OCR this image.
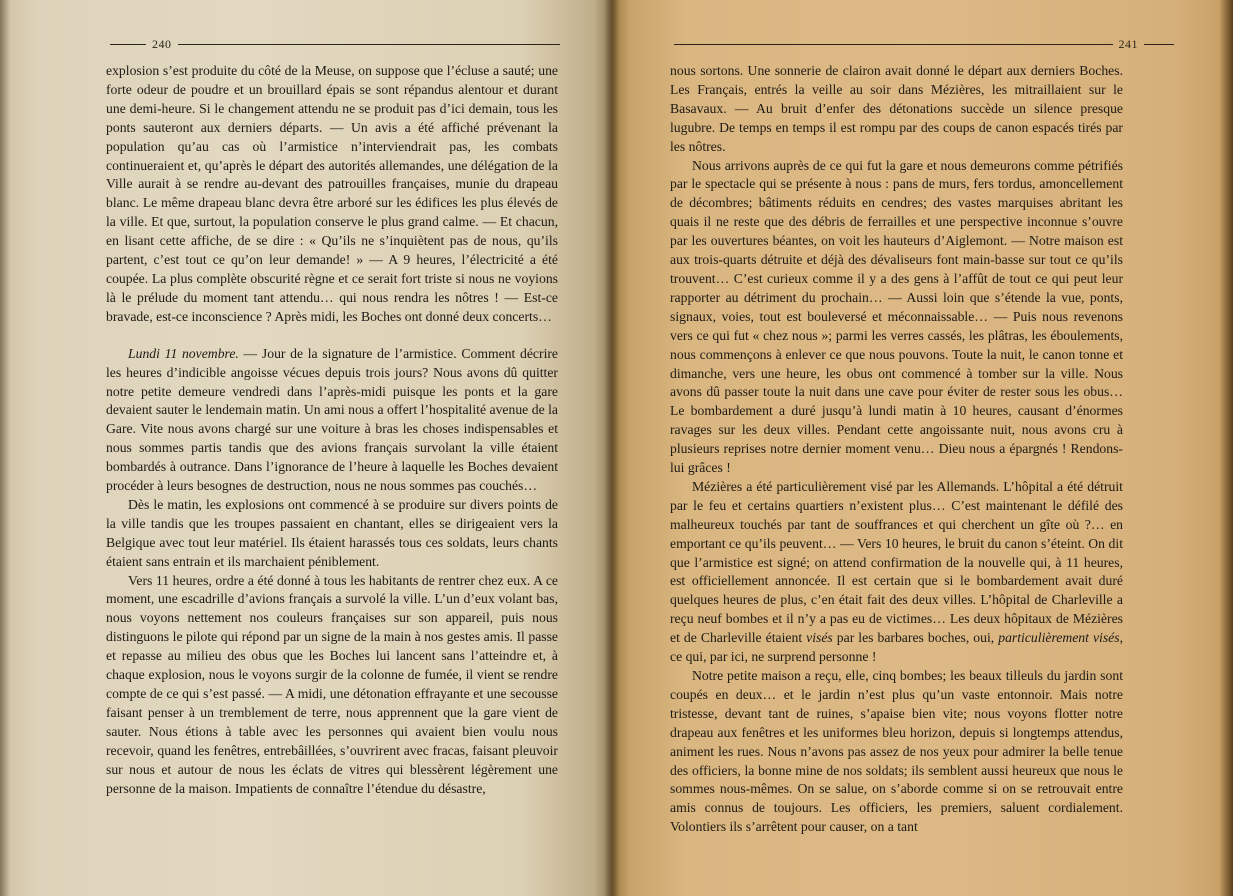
240

explosion s’est produite du côté de la Meuse, on suppose que l’écluse a sauté; une forte odeur de poudre et un brouillard épais se sont répandus alentour et durant une demi-heure. Si le changement attendu ne se produit pas d’ici demain, tous les ponts sauteront aux derniers départs. — Un avis a été affiché prévenant la population qu’au cas où l’armistice n’interviendrait pas, les combats continueraient et, qu’après le départ des autorités allemandes, une délégation de la Ville aurait à se rendre au-devant des patrouilles françaises, munie du drapeau blanc. Le même drapeau blanc devra être arboré sur les édifices les plus élevés de la ville. Et que, surtout, la population conserve le plus grand calme. — Et chacun, en lisant cette affiche, de se dire : « Qu’ils ne s’inquiètent pas de nous, qu’ils partent, c’est tout ce qu’on leur demande! » — A 9 heures, l’électricité a été coupée. La plus complète obscurité règne et ce serait fort triste si nous ne voyions là le prélude du moment tant attendu… qui nous rendra les nôtres ! — Est-ce bravade, est-ce inconscience ? Après midi, les Boches ont donné deux concerts…

Lundi 11 novembre. — Jour de la signature de l’armistice. Comment décrire les heures d’indicible angoisse vécues depuis trois jours? Nous avons dû quitter notre petite demeure vendredi dans l’après-midi puisque les ponts et la gare devaient sauter le lendemain matin. Un ami nous a offert l’hospitalité avenue de la Gare. Vite nous avons chargé sur une voiture à bras les choses indispensables et nous sommes partis tandis que des avions français survolant la ville étaient bombardés à outrance. Dans l’ignorance de l’heure à laquelle les Boches devaient procéder à leurs besognes de destruction, nous ne nous sommes pas couchés…

Dès le matin, les explosions ont commencé à se produire sur divers points de la ville tandis que les troupes passaient en chantant, elles se dirigeaient vers la Belgique avec tout leur matériel. Ils étaient harassés tous ces soldats, leurs chants étaient sans entrain et ils marchaient péniblement.

Vers 11 heures, ordre a été donné à tous les habitants de rentrer chez eux. A ce moment, une escadrille d’avions français a survolé la ville. L’un d’eux volant bas, nous voyons nettement nos couleurs françaises sur son appareil, puis nous distinguons le pilote qui répond par un signe de la main à nos gestes amis. Il passe et repasse au milieu des obus que les Boches lui lancent sans l’atteindre et, à chaque explosion, nous le voyons surgir de la colonne de fumée, il vient se rendre compte de ce qui s’est passé. — A midi, une détonation effrayante et une secousse faisant penser à un tremblement de terre, nous apprennent que la gare vient de sauter. Nous étions à table avec les personnes qui avaient bien voulu nous recevoir, quand les fenêtres, entrebâillées, s’ouvrirent avec fracas, faisant pleuvoir sur nous et autour de nous les éclats de vitres qui blessèrent légèrement une personne de la maison. Impatients de connaître l’étendue du désastre,

241

nous sortons. Une sonnerie de clairon avait donné le départ aux derniers Boches. Les Français, entrés la veille au soir dans Mézières, les mitraillaient sur le Basavaux. — Au bruit d’enfer des détonations succède un silence presque lugubre. De temps en temps il est rompu par des coups de canon espacés tirés par les nôtres.

Nous arrivons auprès de ce qui fut la gare et nous demeurons comme pétrifiés par le spectacle qui se présente à nous : pans de murs, fers tordus, amoncellement de décombres; bâtiments réduits en cendres; des vastes marquises abritant les quais il ne reste que des débris de ferrailles et une perspective inconnue s’ouvre par les ouvertures béantes, on voit les hauteurs d’Aiglemont. — Notre maison est aux trois-quarts détruite et déjà des dévaliseurs font main-basse sur tout ce qu’ils trouvent… C’est curieux comme il y a des gens à l’affût de tout ce qui peut leur rapporter au détriment du prochain… — Aussi loin que s’étende la vue, ponts, signaux, voies, tout est bouleversé et méconnaissable… — Puis nous revenons vers ce qui fut « chez nous »; parmi les verres cassés, les plâtras, les éboulements, nous commençons à enlever ce que nous pouvons. Toute la nuit, le canon tonne et dimanche, vers une heure, les obus ont commencé à tomber sur la ville. Nous avons dû passer toute la nuit dans une cave pour éviter de rester sous les obus… Le bombardement a duré jusqu’à lundi matin à 10 heures, causant d’énormes ravages sur les deux villes. Pendant cette angoissante nuit, nous avons cru à plusieurs reprises notre dernier moment venu… Dieu nous a épargnés ! Rendons-lui grâces !

Mézières a été particulièrement visé par les Allemands. L’hôpital a été détruit par le feu et certains quartiers n’existent plus… C’est maintenant le défilé des malheureux touchés par tant de souffrances et qui cherchent un gîte où ?… en emportant ce qu’ils peuvent… — Vers 10 heures, le bruit du canon s’éteint. On dit que l’armistice est signé; on attend confirmation de la nouvelle qui, à 11 heures, est officiellement annoncée. Il est certain que si le bombardement avait duré quelques heures de plus, c’en était fait des deux villes. L’hôpital de Charleville a reçu neuf bombes et il n’y a pas eu de victimes… Les deux hôpitaux de Mézières et de Charleville étaient visés par les barbares boches, oui, particulièrement visés, ce qui, par ici, ne surprend personne !

Notre petite maison a reçu, elle, cinq bombes; les beaux tilleuls du jardin sont coupés en deux… et le jardin n’est plus qu’un vaste entonnoir. Mais notre tristesse, devant tant de ruines, s’apaise bien vite; nous voyons flotter notre drapeau aux fenêtres et les uniformes bleu horizon, depuis si longtemps attendus, animent les rues. Nous n’avons pas assez de nos yeux pour admirer la belle tenue des officiers, la bonne mine de nos soldats; ils semblent aussi heureux que nous le sommes nous-mêmes. On se salue, on s’aborde comme si on se retrouvait entre amis connus de toujours. Les officiers, les premiers, saluent cordialement. Volontiers ils s’arrêtent pour causer, on a tant
